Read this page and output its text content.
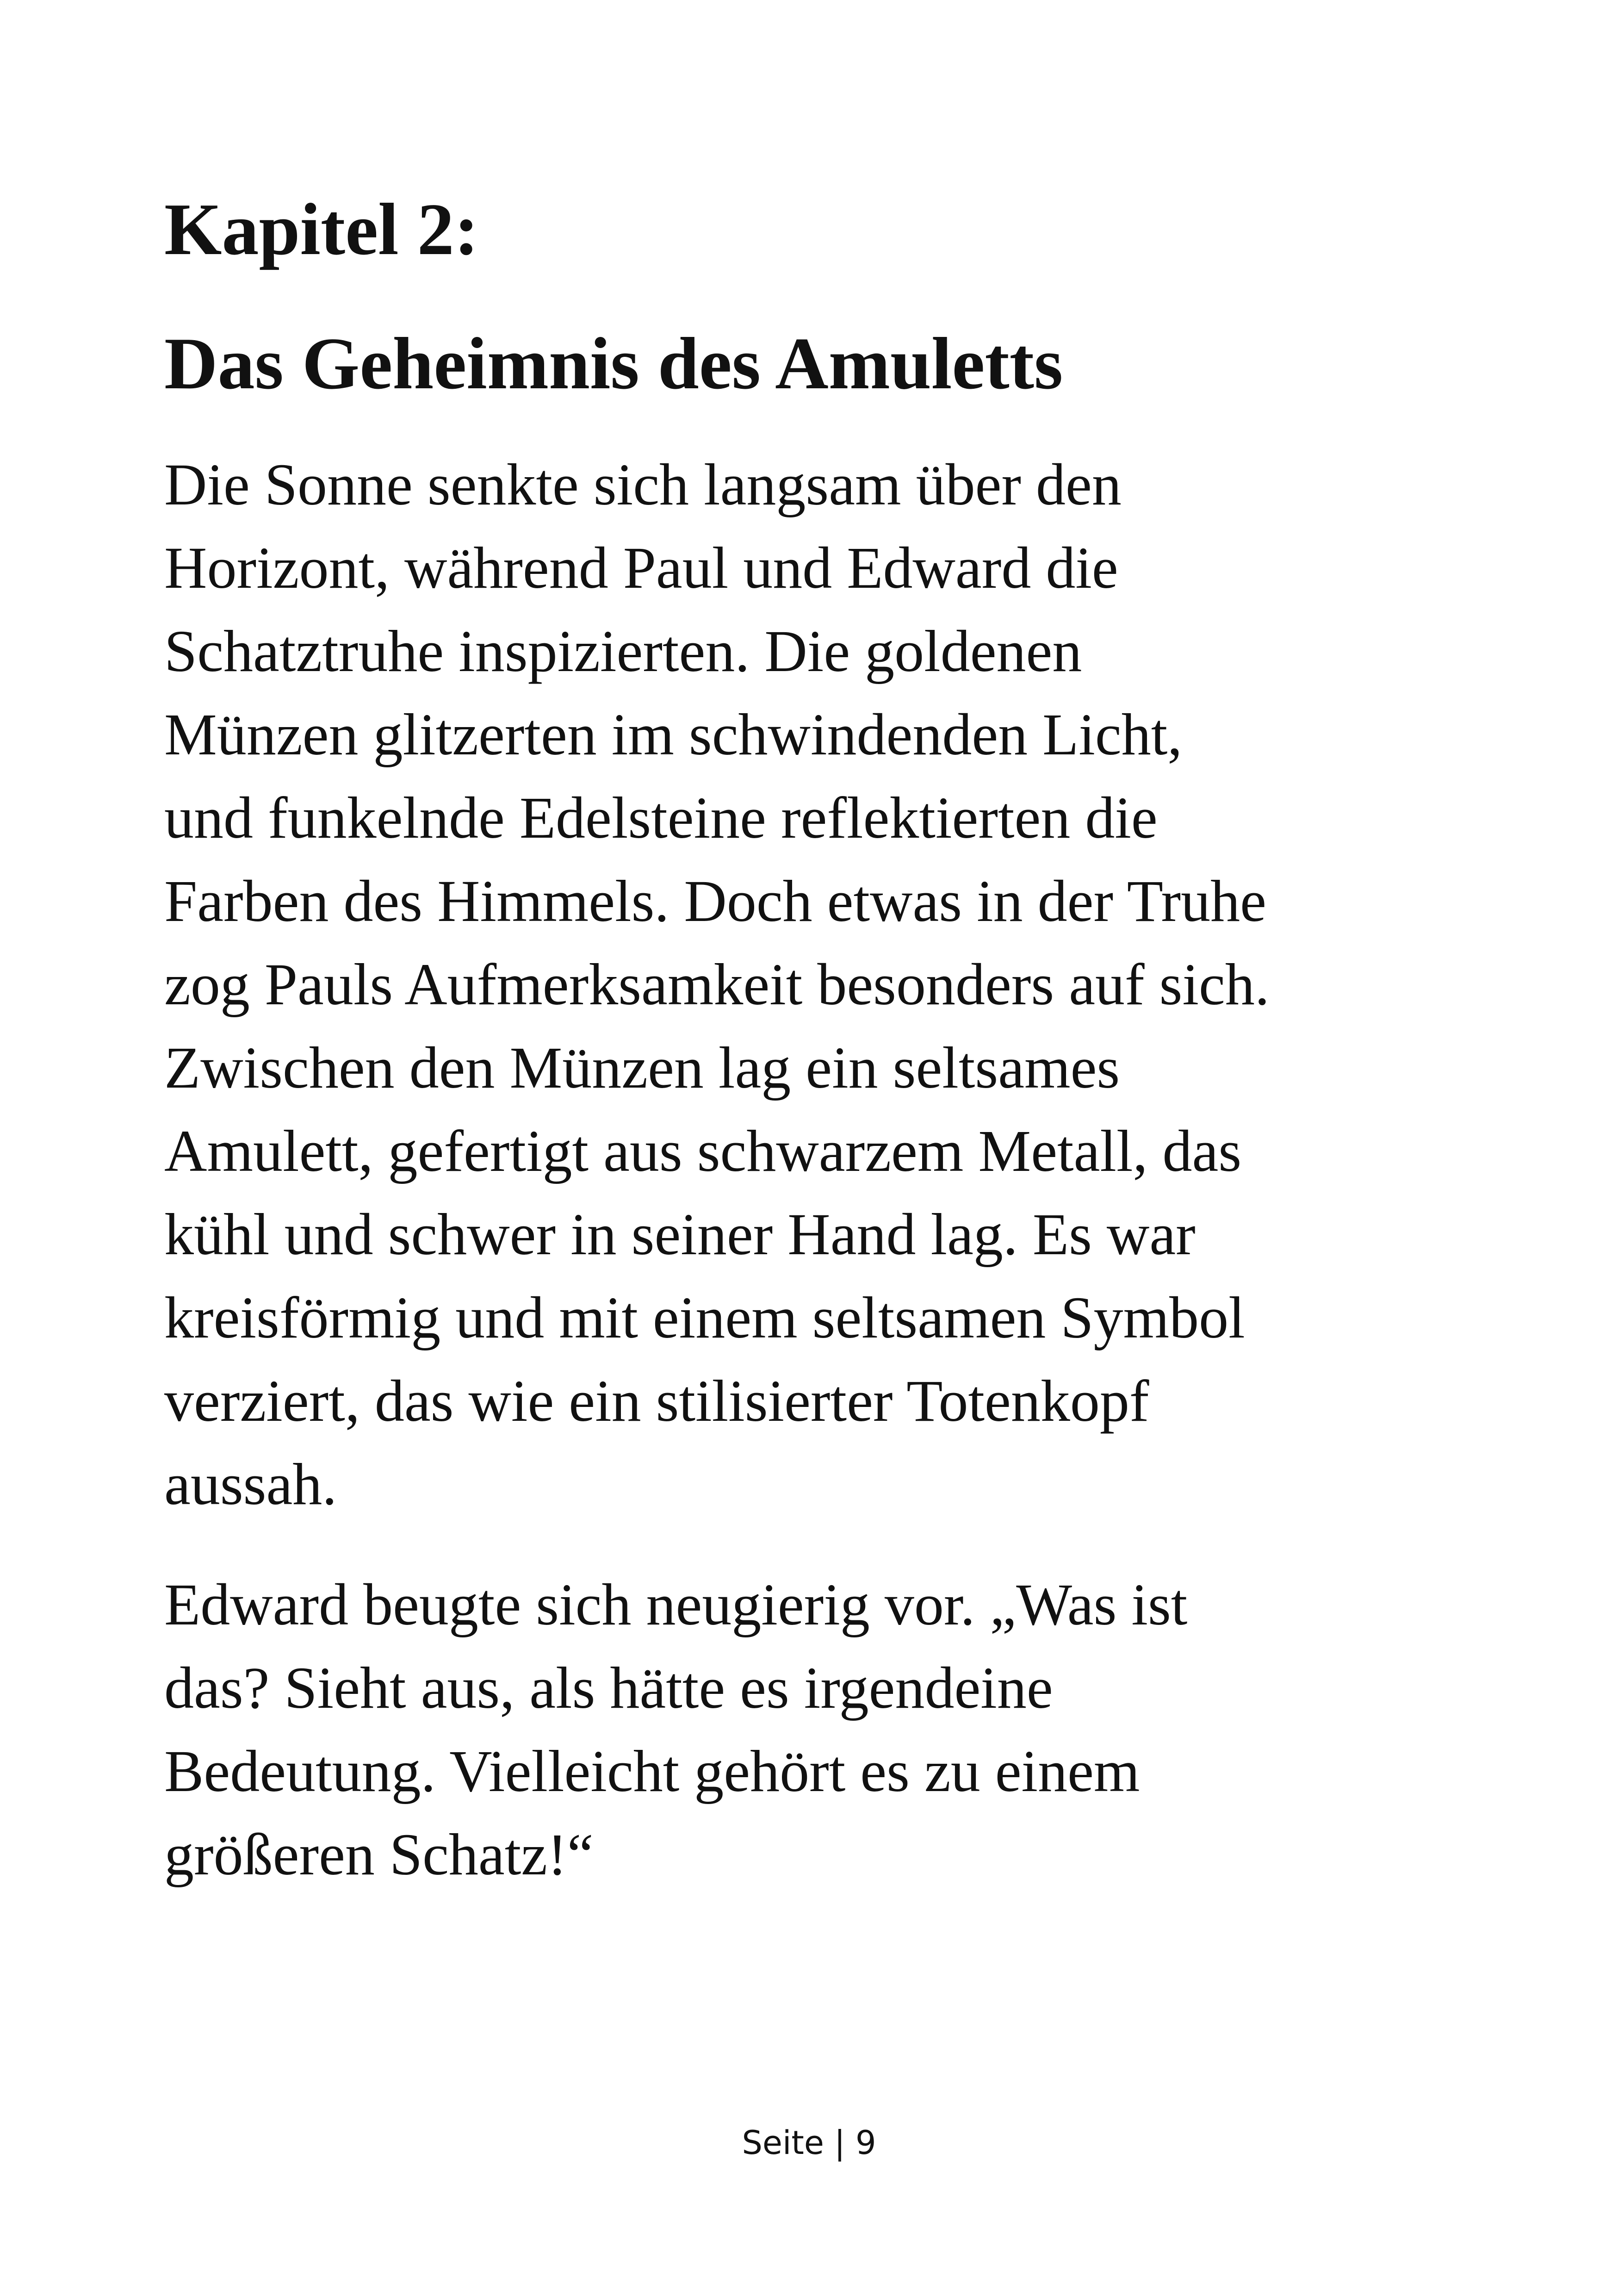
Kapitel 2:
Das Geheimnis des Amuletts

Die Sonne senkte sich langsam über den
Horizont, während Paul und Edward die
Schatztruhe inspizierten. Die goldenen
Münzen glitzerten im schwindenden Licht,
und funkelnde Edelsteine reflektierten die
Farben des Himmels. Doch etwas in der Truhe
zog Pauls Aufmerksamkeit besonders auf sich.
Zwischen den Münzen lag ein seltsames
Amulett, gefertigt aus schwarzem Metall, das
kühl und schwer in seiner Hand lag. Es war
kreisförmig und mit einem seltsamen Symbol
verziert, das wie ein stilisierter Totenkopf
aussah.

Edward beugte sich neugierig vor. „Was ist
das? Sieht aus, als hätte es irgendeine
Bedeutung. Vielleicht gehört es zu einem
größeren Schatz!“

Seite | 9
